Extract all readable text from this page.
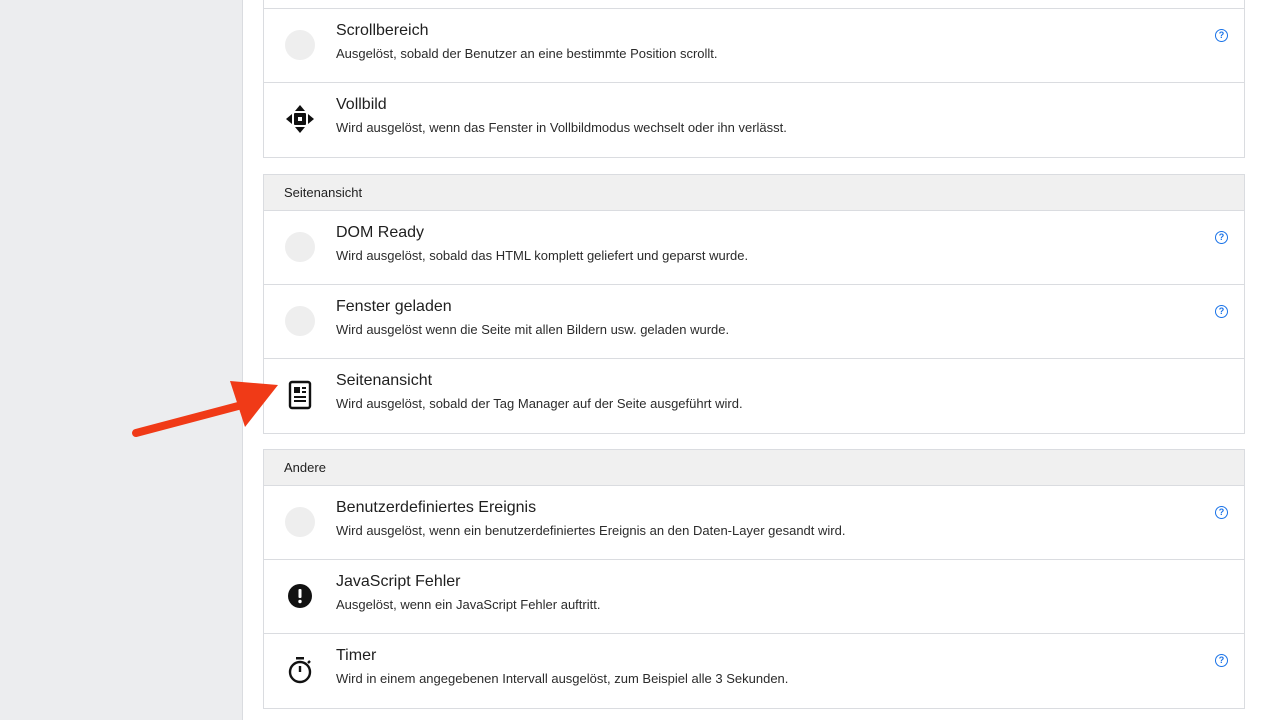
Scrollbereich
Ausgelöst, sobald der Benutzer an eine bestimmte Position scrollt.
?
Vollbild
Wird ausgelöst, wenn das Fenster in Vollbildmodus wechselt oder ihn verlässt.
Seitenansicht
DOM Ready
Wird ausgelöst, sobald das HTML komplett geliefert und geparst wurde.
?
Fenster geladen
Wird ausgelöst wenn die Seite mit allen Bildern usw. geladen wurde.
?
Seitenansicht
Wird ausgelöst, sobald der Tag Manager auf der Seite ausgeführt wird.
Andere
Benutzerdefiniertes Ereignis
Wird ausgelöst, wenn ein benutzerdefiniertes Ereignis an den Daten-Layer gesandt wird.
?
JavaScript Fehler
Ausgelöst, wenn ein JavaScript Fehler auftritt.
Timer
Wird in einem angegebenen Intervall ausgelöst, zum Beispiel alle 3 Sekunden.
?
